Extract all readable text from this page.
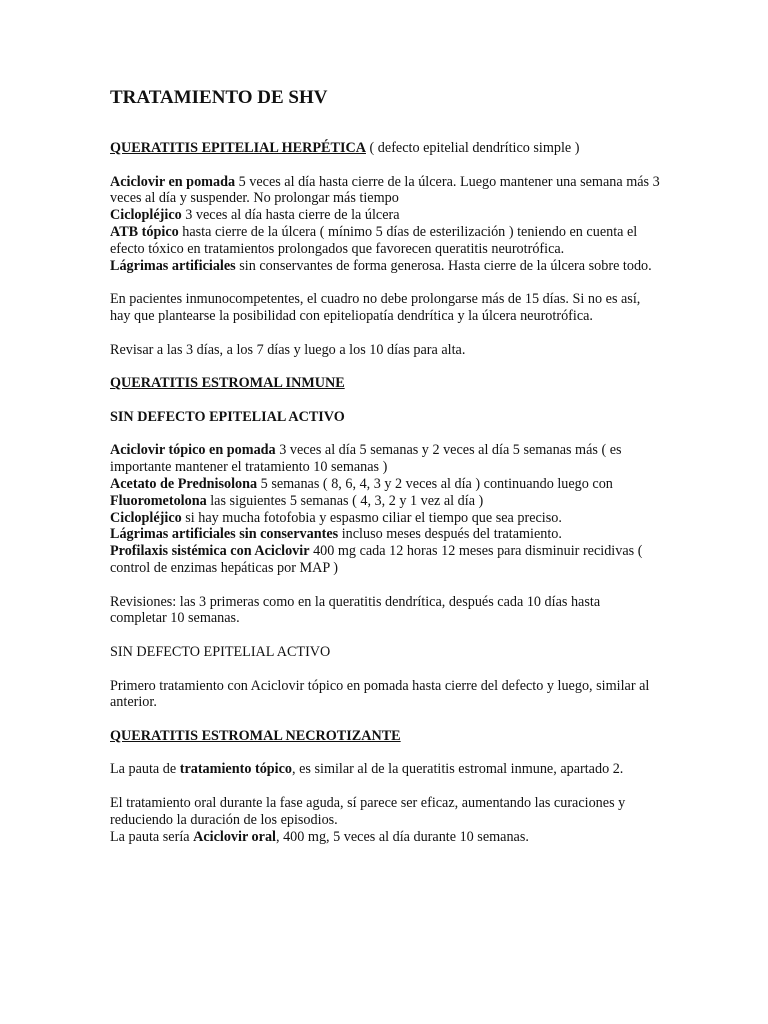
TRATAMIENTO DE SHV
QUERATITIS EPITELIAL HERPÉTICA ( defecto epitelial dendrítico simple )
Aciclovir en pomada 5 veces al día hasta cierre de la úlcera. Luego mantener una semana más 3 veces al día y suspender. No prolongar más tiempo
Ciclopléjico 3 veces al día hasta cierre de la úlcera
ATB tópico hasta cierre de la úlcera ( mínimo 5 días de esterilización ) teniendo en cuenta el efecto tóxico en tratamientos prolongados que favorecen queratitis neurotrófica.
Lágrimas artificiales sin conservantes de forma generosa. Hasta cierre de la úlcera sobre todo.
En pacientes inmunocompetentes, el cuadro no debe prolongarse más de 15 días. Si no es así, hay que plantearse la posibilidad con epiteliopatía dendrítica y la úlcera neurotrófica.
Revisar a las 3 días, a los 7 días y luego a los 10 días para alta.
QUERATITIS ESTROMAL INMUNE
SIN DEFECTO EPITELIAL ACTIVO
Aciclovir tópico en pomada 3 veces al día 5 semanas y 2 veces al día 5 semanas más ( es importante mantener el tratamiento 10 semanas )
Acetato de Prednisolona 5 semanas ( 8, 6, 4, 3 y 2 veces al día ) continuando luego con Fluorometolona las siguientes 5 semanas ( 4, 3, 2 y 1 vez al día )
Ciclopléjico si hay mucha fotofobia y espasmo ciliar el tiempo que sea preciso.
Lágrimas artificiales sin conservantes incluso meses después del tratamiento.
Profilaxis sistémica con Aciclovir 400 mg cada 12 horas 12 meses para disminuir recidivas ( control de enzimas hepáticas por MAP )
Revisiones: las 3 primeras como en la queratitis dendrítica, después cada 10 días hasta completar 10 semanas.
SIN DEFECTO EPITELIAL ACTIVO
Primero tratamiento con Aciclovir tópico en pomada hasta cierre del defecto y luego, similar al anterior.
QUERATITIS ESTROMAL NECROTIZANTE
La pauta de tratamiento tópico, es similar al de la queratitis estromal inmune, apartado 2.
El tratamiento oral durante la fase aguda, sí parece ser eficaz, aumentando las curaciones y reduciendo la duración de los episodios.
La pauta sería Aciclovir oral, 400 mg, 5 veces al día durante 10 semanas.
